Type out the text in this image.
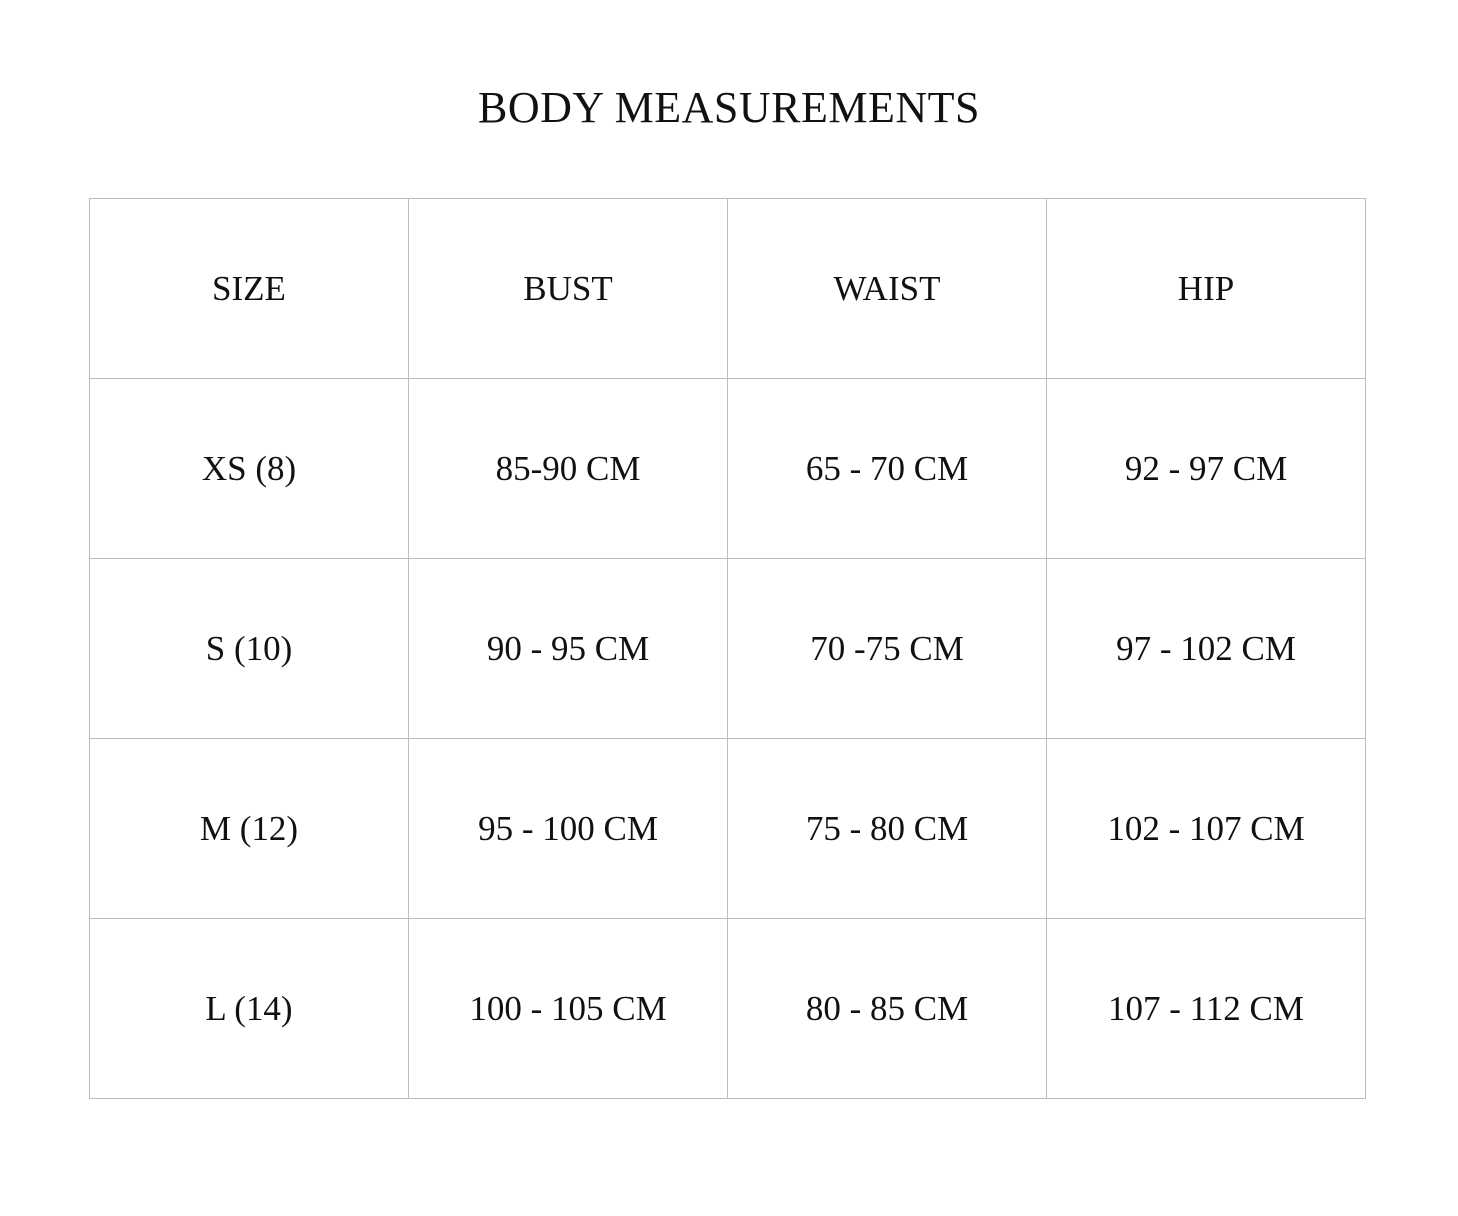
BODY MEASUREMENTS
SIZE	BUST	WAIST	HIP
XS (8)	85-90 CM	65 - 70 CM	92 - 97 CM
S (10)	90 - 95 CM	70 -75 CM	97 - 102 CM
M (12)	95 - 100 CM	75 - 80 CM	102 - 107 CM
L (14)	100 - 105 CM	80 - 85 CM	107 - 112 CM
